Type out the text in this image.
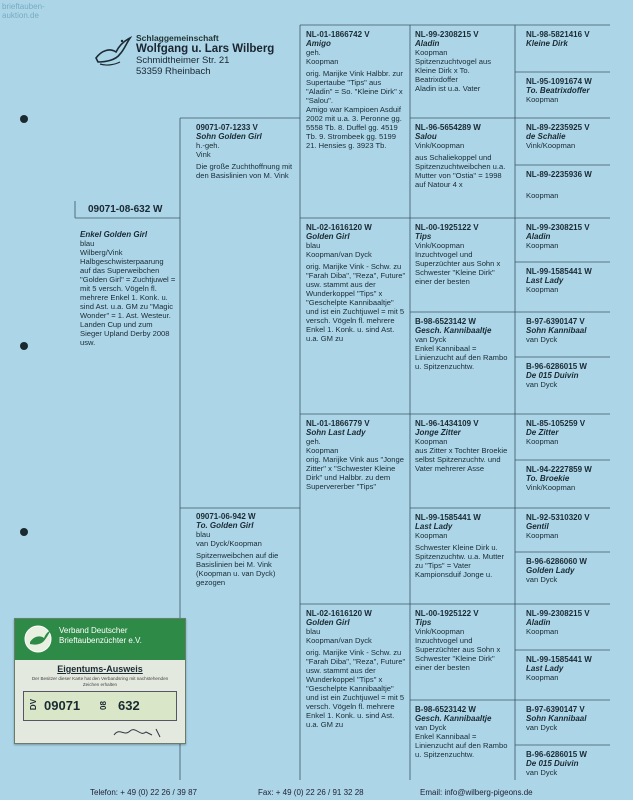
brieftauben-
auktion.de
Schlaggemeinschaft
Wolfgang u. Lars Wilberg
Schmidtheimer Str. 21
53359 Rheinbach
09071-08-632 W
Enkel Golden Girl
blau
Wilberg/Vink
Halbgeschwisterpaarung auf das Superweibchen "Golden Girl" = Zuchtjuwel = mit 5 versch. Vögeln fl. mehrere Enkel 1. Konk. u. sind Ast. u.a. GM zu "Magic Wonder" = 1. Ast. Westeur. Landen Cup und zum Sieger Upland Derby 2008 usw.
09071-07-1233 V
Sohn Golden Girl
h.-geh.
Vink
Die große Zuchthoffnung mit den Basislinien von M. Vink
09071-06-942 W
To. Golden Girl
blau
van Dyck/Koopman
Spitzenweibchen auf die Basislinien bei M. Vink (Koopman u. van Dyck) gezogen
NL-01-1866742 V
Amigo
geh.
Koopman
orig. Marijke Vink Halbbr. zur Supertaube "Tips" aus "Aladin" = So. "Kleine Dirk" x "Salou".
Amigo war Kampioen Asduif 2002 mit u.a. 3. Peronne gg. 5558 Tb. 8. Duffel gg. 4519 Tb. 9. Strombeek gg. 5199 21. Hensies g. 3923 Tb.
NL-02-1616120 W
Golden Girl
blau
Koopman/van Dyck
orig. Marijke Vink - Schw. zu "Farah Diba", "Reza", Future" usw. stammt aus der Wunderkoppel "Tips" x "Geschelpte Kannibaaltje" und ist ein Zuchtjuwel = mit 5 versch. Vögeln fl. mehrere Enkel 1. Konk. u. sind Ast. u.a. GM zu
NL-01-1866779 V
Sohn Last Lady
geh.
Koopman
orig. Marijke Vink aus "Jonge Zitter" x "Schwester Kleine Dirk" und Halbbr. zu dem Supervererber "Tips"
NL-02-1616120 W
Golden Girl
blau
Koopman/van Dyck
orig. Marijke Vink - Schw. zu "Farah Diba", "Reza", Future" usw. stammt aus der Wunderkoppel "Tips" x "Geschelpte Kannibaaltje" und ist ein Zuchtjuwel = mit 5 versch. Vögeln fl. mehrere Enkel 1. Konk. u. sind Ast. u.a. GM zu
NL-99-2308215 V
Aladin
Koopman
Spitzenzuchtvogel aus Kleine Dirk x To. Beatrixdoffer
Aladin ist u.a. Vater
NL-96-5654289 W
Salou
Vink/Koopman
aus Schaliekoppel und Spitzenzuchtweibchen u.a. Mutter von "Ostia" = 1998 auf Natour 4 x
NL-00-1925122 V
Tips
Vink/Koopman
Inzuchtvogel und Superzüchter aus Sohn x Schwester "Kleine Dirk" einer der besten
B-98-6523142 W
Gesch. Kannibaaltje
van Dyck
Enkel Kannibaal = Linienzucht auf den Rambo u. Spitzenzuchtw.
NL-96-1434109 V
Jonge Zitter
Koopman
aus Zitter x Tochter Broekie selbst Spitzenzuchtv. und Vater mehrerer Asse
NL-99-1585441 W
Last Lady
Koopman
Schwester Kleine Dirk u. Spitzenzuchtw. u.a. Mutter zu "Tips" = Vater Kampionsduif Jonge u.
NL-00-1925122 V
Tips
Vink/Koopman
Inzuchtvogel und Superzüchter aus Sohn x Schwester "Kleine Dirk" einer der besten
B-98-6523142 W
Gesch. Kannibaaltje
van Dyck
Enkel Kannibaal = Linienzucht auf den Rambo u. Spitzenzuchtw.
NL-98-5821416 V
Kleine Dirk
NL-95-1091674 W
To. Beatrixdoffer
Koopman
NL-89-2235925 V
de Schalie
Vink/Koopman
NL-89-2235936 W
Koopman
NL-99-2308215 V
Aladin
Koopman
NL-99-1585441 W
Last Lady
Koopman
B-97-6390147 V
Sohn Kannibaal
van Dyck
B-96-6286015 W
De 015 Duivin
van Dyck
NL-85-105259 V
De Zitter
Koopman
NL-94-2227859 W
To. Broekie
Vink/Koopman
NL-92-5310320 V
Gentil
Koopman
B-96-6286060 W
Golden Lady
van Dyck
NL-99-2308215 V
Aladin
Koopman
NL-99-1585441 W
Last Lady
Koopman
B-97-6390147 V
Sohn Kannibaal
van Dyck
B-96-6286015 W
De 015 Duivin
van Dyck
Verband Deutscher
Brieftaubenzüchter e.V.
Eigentums-Ausweis
Der Besitzer dieser Karte hat den Verbandsring mit nachstehenden Zeichen erhalten
DV 09071 08 632
Telefon: + 49 (0) 22 26 / 39 87	Fax: + 49 (0) 22 26 / 91 32 28	Email: info@wilberg-pigeons.de
